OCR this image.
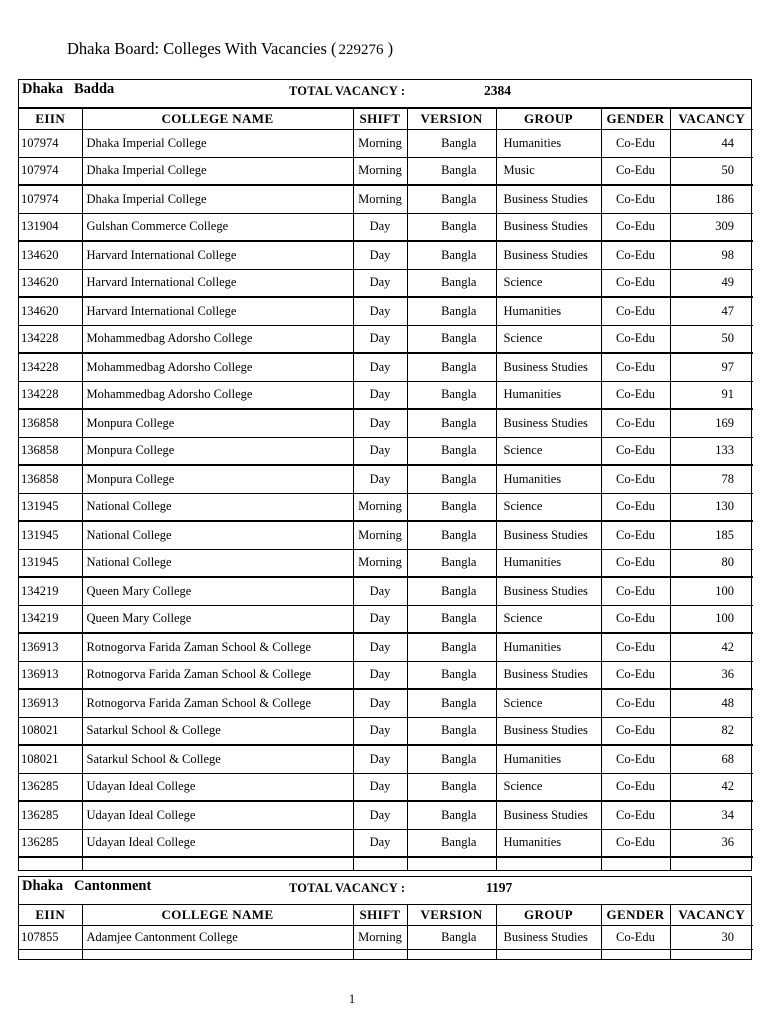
Dhaka Board: Colleges With Vacancies ( 229276 )
Dhaka   Badda	TOTAL VACANCY :	2384
EIIN	COLLEGE NAME	SHIFT	VERSION	GROUP	GENDER	VACANCY
107974	Dhaka Imperial College	Morning	Bangla	Humanities	Co-Edu	44
107974	Dhaka Imperial College	Morning	Bangla	Music	Co-Edu	50
107974	Dhaka Imperial College	Morning	Bangla	Business Studies	Co-Edu	186
131904	Gulshan Commerce College	Day	Bangla	Business Studies	Co-Edu	309
134620	Harvard International College	Day	Bangla	Business Studies	Co-Edu	98
134620	Harvard International College	Day	Bangla	Science	Co-Edu	49
134620	Harvard International College	Day	Bangla	Humanities	Co-Edu	47
134228	Mohammedbag Adorsho College	Day	Bangla	Science	Co-Edu	50
134228	Mohammedbag Adorsho College	Day	Bangla	Business Studies	Co-Edu	97
134228	Mohammedbag Adorsho College	Day	Bangla	Humanities	Co-Edu	91
136858	Monpura College	Day	Bangla	Business Studies	Co-Edu	169
136858	Monpura College	Day	Bangla	Science	Co-Edu	133
136858	Monpura College	Day	Bangla	Humanities	Co-Edu	78
131945	National College	Morning	Bangla	Science	Co-Edu	130
131945	National College	Morning	Bangla	Business Studies	Co-Edu	185
131945	National College	Morning	Bangla	Humanities	Co-Edu	80
134219	Queen Mary College	Day	Bangla	Business Studies	Co-Edu	100
134219	Queen Mary College	Day	Bangla	Science	Co-Edu	100
136913	Rotnogorva Farida Zaman School & College	Day	Bangla	Humanities	Co-Edu	42
136913	Rotnogorva Farida Zaman School & College	Day	Bangla	Business Studies	Co-Edu	36
136913	Rotnogorva Farida Zaman School & College	Day	Bangla	Science	Co-Edu	48
108021	Satarkul School & College	Day	Bangla	Business Studies	Co-Edu	82
108021	Satarkul School & College	Day	Bangla	Humanities	Co-Edu	68
136285	Udayan Ideal College	Day	Bangla	Science	Co-Edu	42
136285	Udayan Ideal College	Day	Bangla	Business Studies	Co-Edu	34
136285	Udayan Ideal College	Day	Bangla	Humanities	Co-Edu	36

Dhaka   Cantonment	TOTAL VACANCY :	1197
EIIN	COLLEGE NAME	SHIFT	VERSION	GROUP	GENDER	VACANCY
107855	Adamjee Cantonment College	Morning	Bangla	Business Studies	Co-Edu	30

1
